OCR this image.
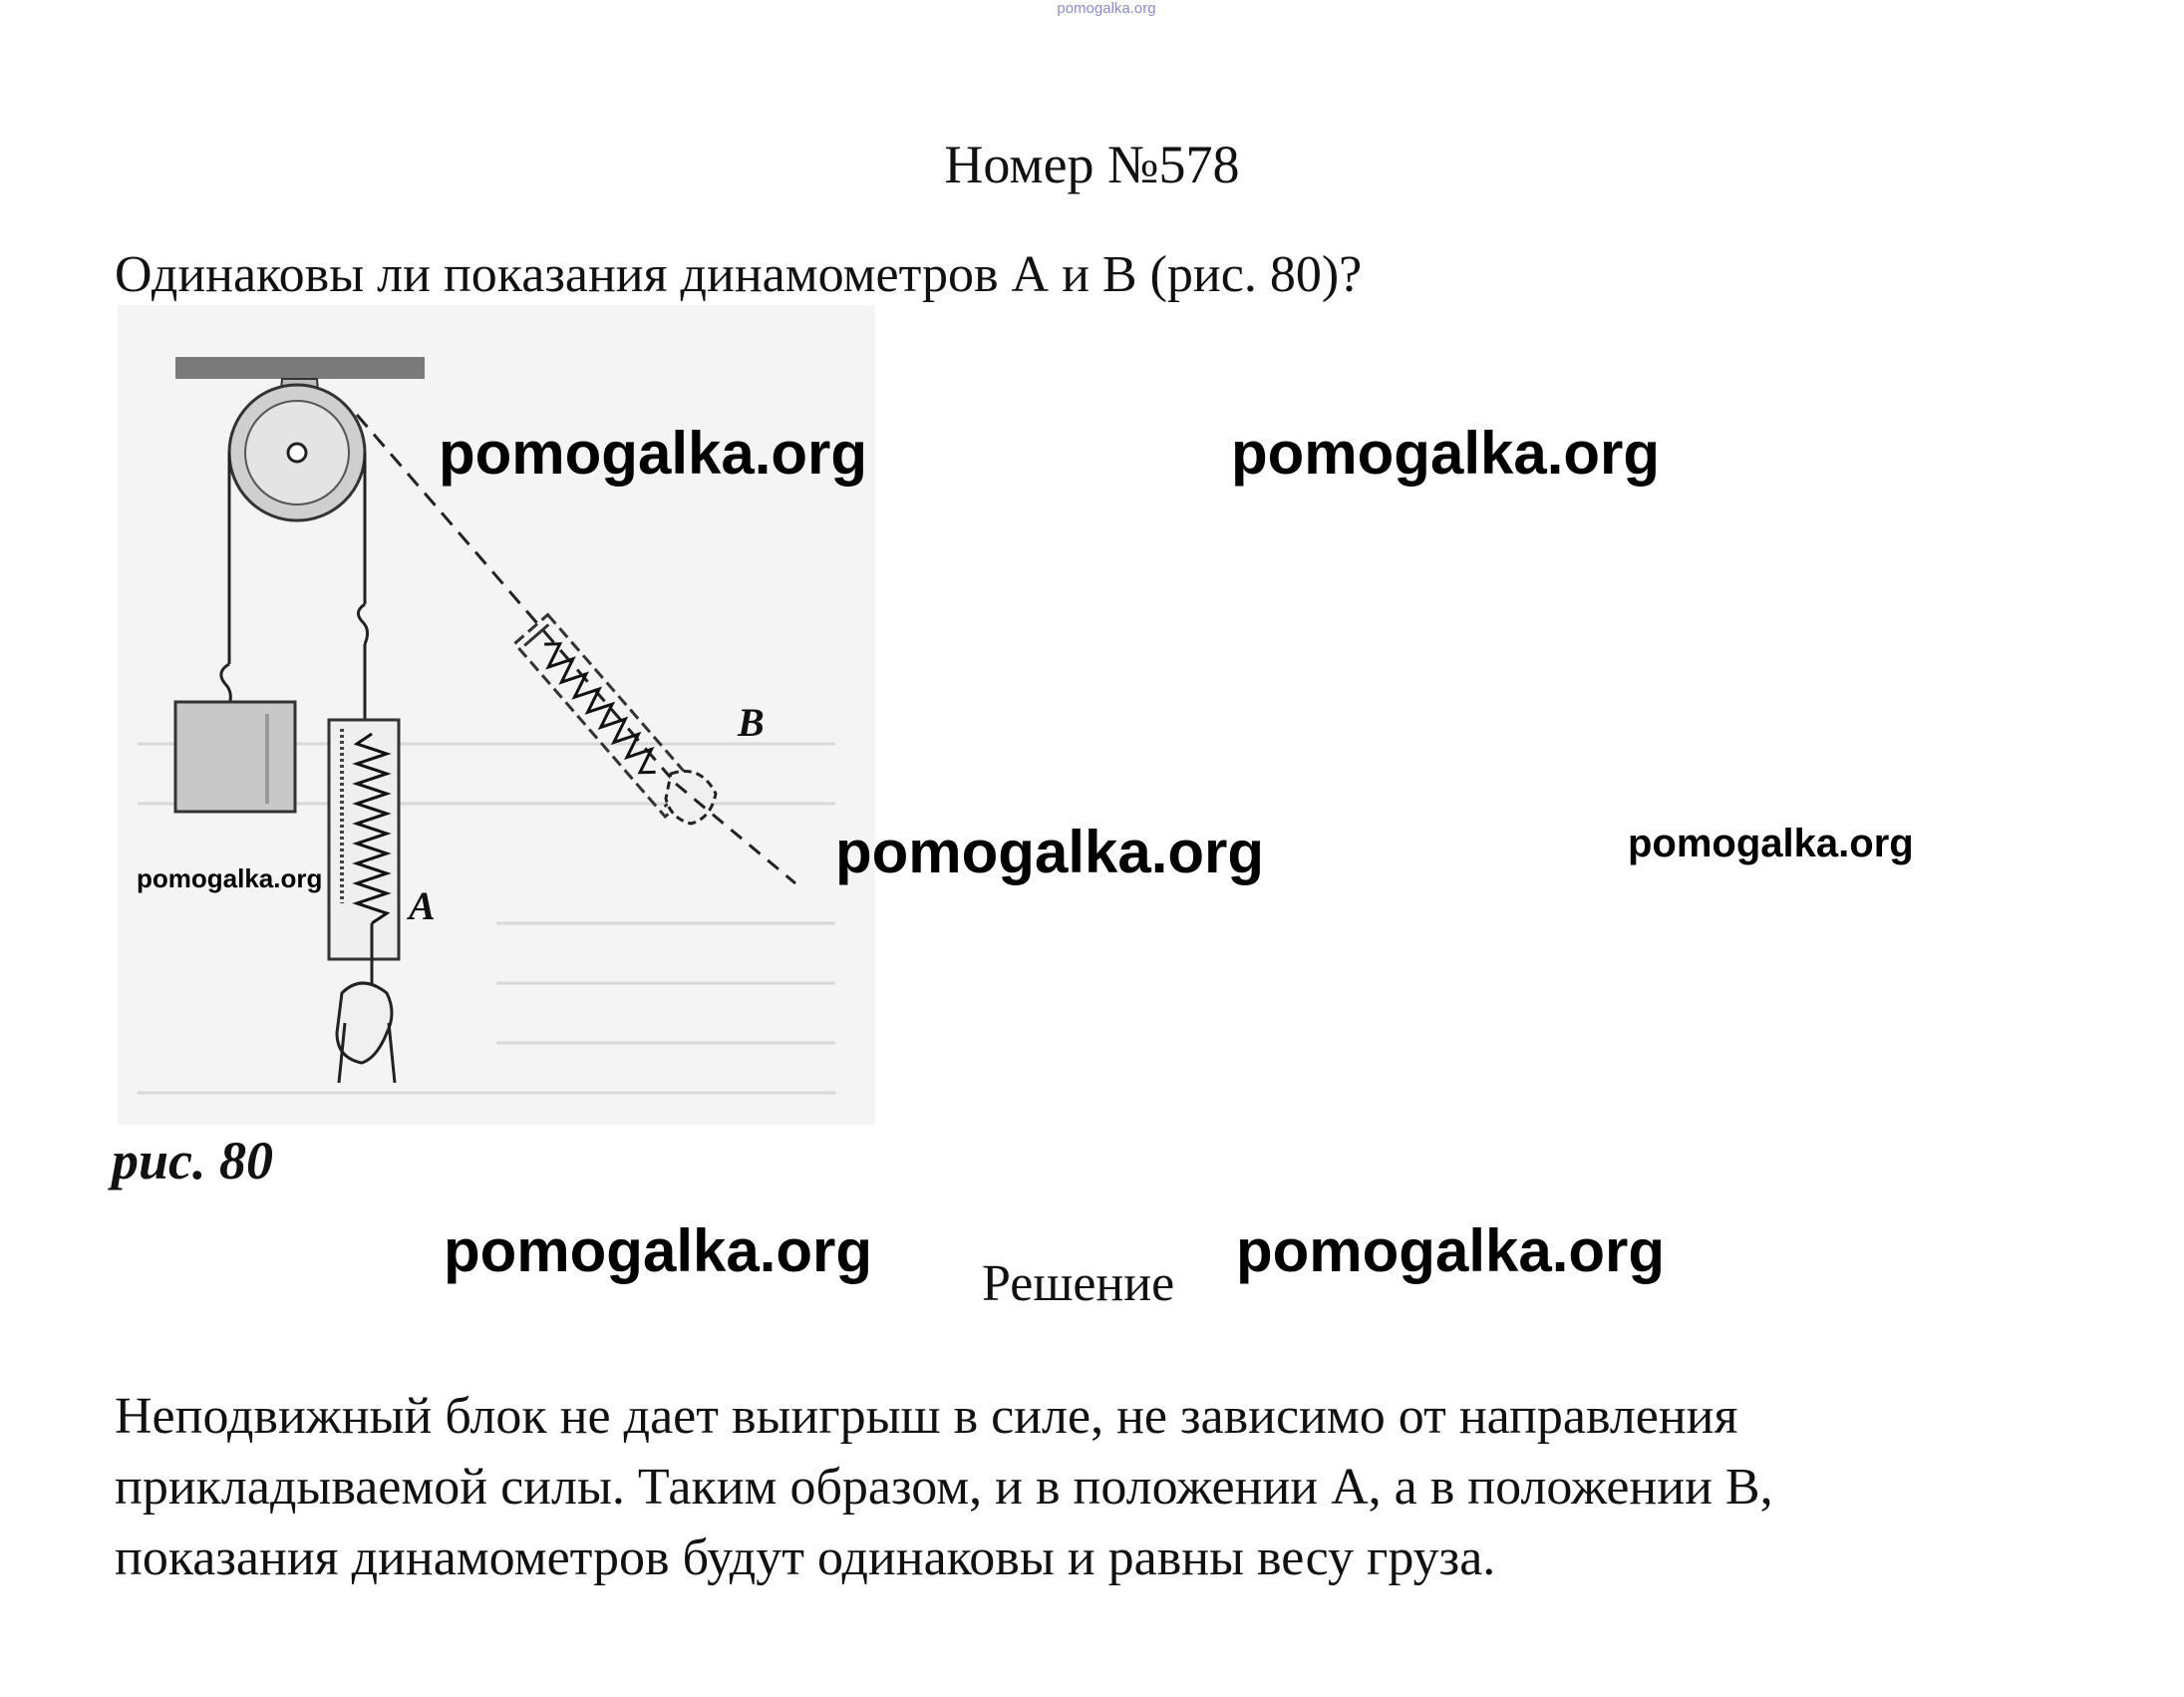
pomogalka.org
Номер №578
Одинаковы ли показания динамометров А и В (рис. 80)?
A
B
рис. 80
Решение
Неподвижный блок не дает выигрыш в силе, не зависимо от направления
прикладываемой силы. Таким образом, и в положении А, а в положении В,
показания динамометров будут одинаковы и равны весу груза.
pomogalka.org	pomogalka.org
pomogalka.org	pomogalka.org
pomogalka.org
pomogalka.org	pomogalka.org
